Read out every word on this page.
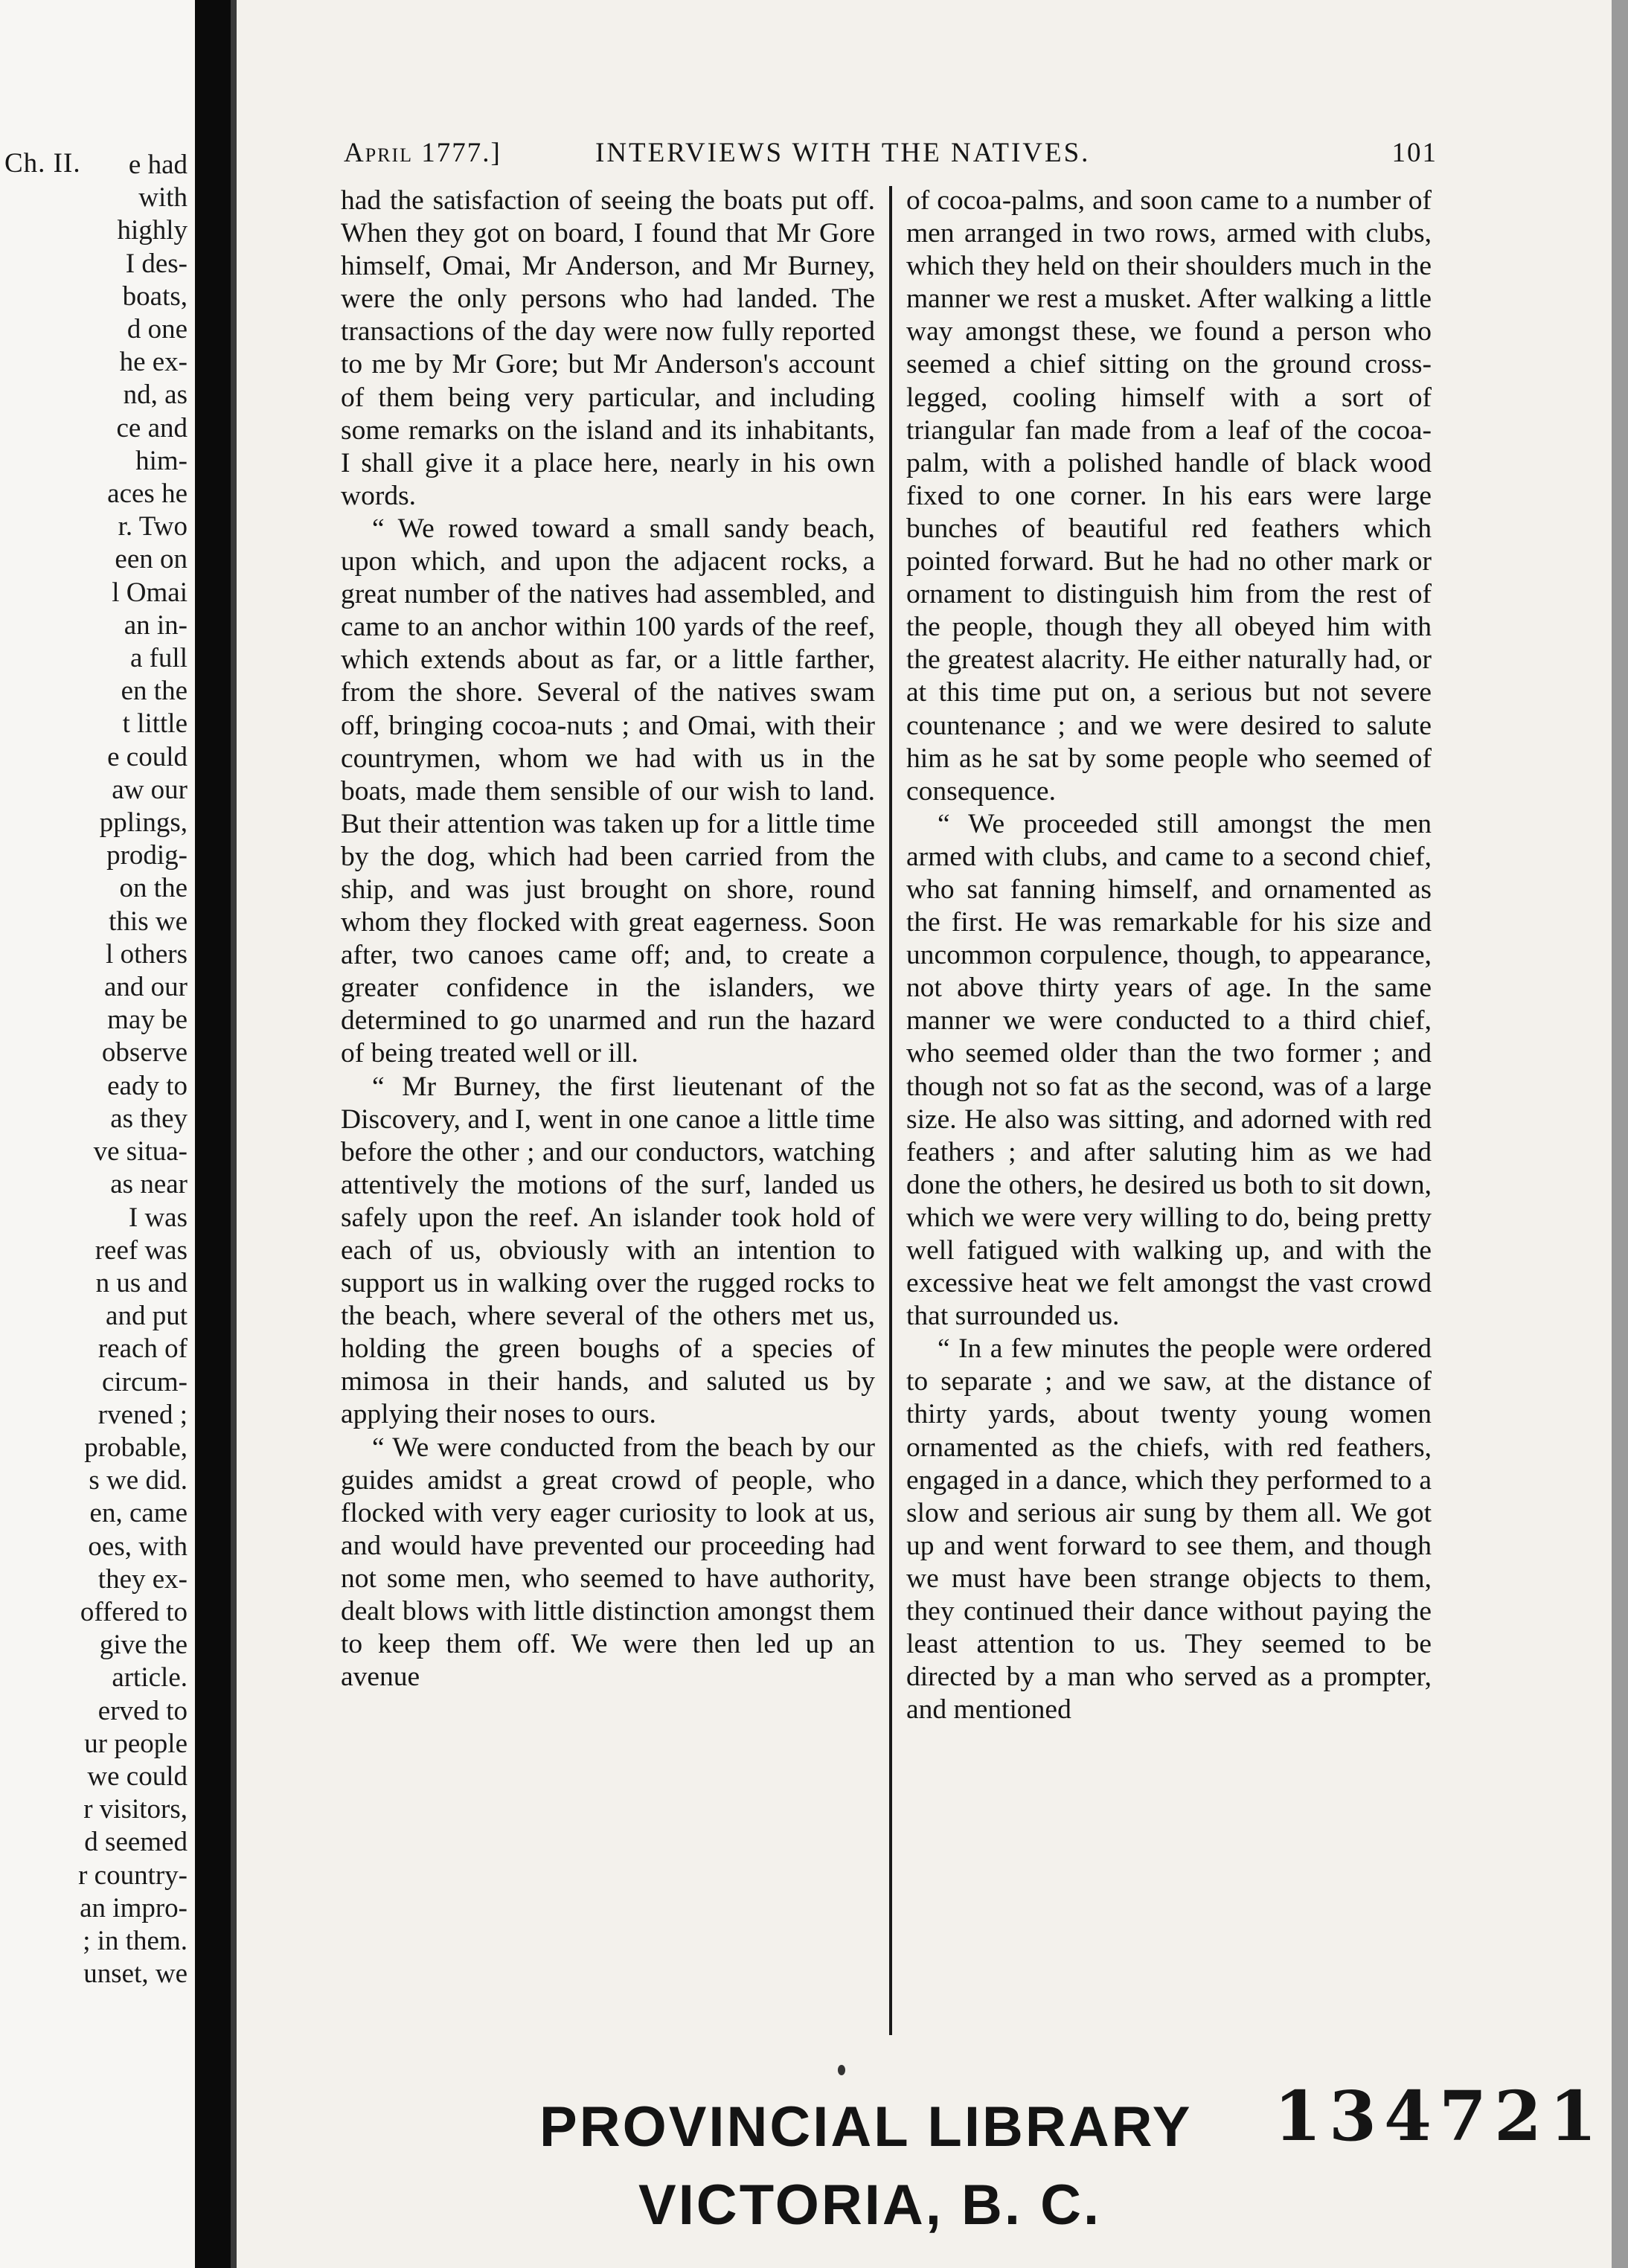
Ch. II.	e had
with
highly
I des-
boats,
d one
he ex-
nd, as
ce and
him-
aces he
r. Two
een on
l Omai
an in-
a full
en the
t little
e could
aw our
pplings,
prodig-
on the
this we
l others
and our
may be
observe
eady to
as they
ve situa-
as near
I was
reef was
n us and
and put
reach of
circum-
rvened ;
probable,
s we did.
en, came
oes, with
they ex-
offered to
give the
article.
erved to
ur people
we could
r visitors,
d seemed
r country-
an impro-
; in them.
unset, we
April 1777.]	INTERVIEWS WITH THE NATIVES.	101

had the satisfaction of seeing the boats put off. When they got on board, I found that Mr Gore himself, Omai, Mr Anderson, and Mr Burney, were the only persons who had landed. The transactions of the day were now fully reported to me by Mr Gore; but Mr Anderson's account of them being very particular, and including some remarks on the island and its inhabitants, I shall give it a place here, nearly in his own words.

“ We rowed toward a small sandy beach, upon which, and upon the adjacent rocks, a great number of the natives had assembled, and came to an anchor within 100 yards of the reef, which extends about as far, or a little farther, from the shore. Several of the natives swam off, bringing cocoa-nuts ; and Omai, with their countrymen, whom we had with us in the boats, made them sensible of our wish to land. But their attention was taken up for a little time by the dog, which had been carried from the ship, and was just brought on shore, round whom they flocked with great eagerness. Soon after, two canoes came off; and, to create a greater confidence in the islanders, we determined to go unarmed and run the hazard of being treated well or ill.

“ Mr Burney, the first lieutenant of the Discovery, and I, went in one canoe a little time before the other ; and our conductors, watching attentively the motions of the surf, landed us safely upon the reef. An islander took hold of each of us, obviously with an intention to support us in walking over the rugged rocks to the beach, where several of the others met us, holding the green boughs of a species of mimosa in their hands, and saluted us by applying their noses to ours.

“ We were conducted from the beach by our guides amidst a great crowd of people, who flocked with very eager curiosity to look at us, and would have prevented our proceeding had not some men, who seemed to have authority, dealt blows with little distinction amongst them to keep them off. We were then led up an avenue

of cocoa-palms, and soon came to a number of men arranged in two rows, armed with clubs, which they held on their shoulders much in the manner we rest a musket. After walking a little way amongst these, we found a person who seemed a chief sitting on the ground cross-legged, cooling himself with a sort of triangular fan made from a leaf of the cocoa-palm, with a polished handle of black wood fixed to one corner. In his ears were large bunches of beautiful red feathers which pointed forward. But he had no other mark or ornament to distinguish him from the rest of the people, though they all obeyed him with the greatest alacrity. He either naturally had, or at this time put on, a serious but not severe countenance ; and we were desired to salute him as he sat by some people who seemed of consequence.

“ We proceeded still amongst the men armed with clubs, and came to a second chief, who sat fanning himself, and ornamented as the first. He was remarkable for his size and uncommon corpulence, though, to appearance, not above thirty years of age. In the same manner we were conducted to a third chief, who seemed older than the two former ; and though not so fat as the second, was of a large size. He also was sitting, and adorned with red feathers ; and after saluting him as we had done the others, he desired us both to sit down, which we were very willing to do, being pretty well fatigued with walking up, and with the excessive heat we felt amongst the vast crowd that surrounded us.

“ In a few minutes the people were ordered to separate ; and we saw, at the distance of thirty yards, about twenty young women ornamented as the chiefs, with red feathers, engaged in a dance, which they performed to a slow and serious air sung by them all. We got up and went forward to see them, and though we must have been strange objects to them, they continued their dance without paying the least attention to us. They seemed to be directed by a man who served as a prompter, and mentioned

PROVINCIAL LIBRARY
VICTORIA, B. C.
134721
